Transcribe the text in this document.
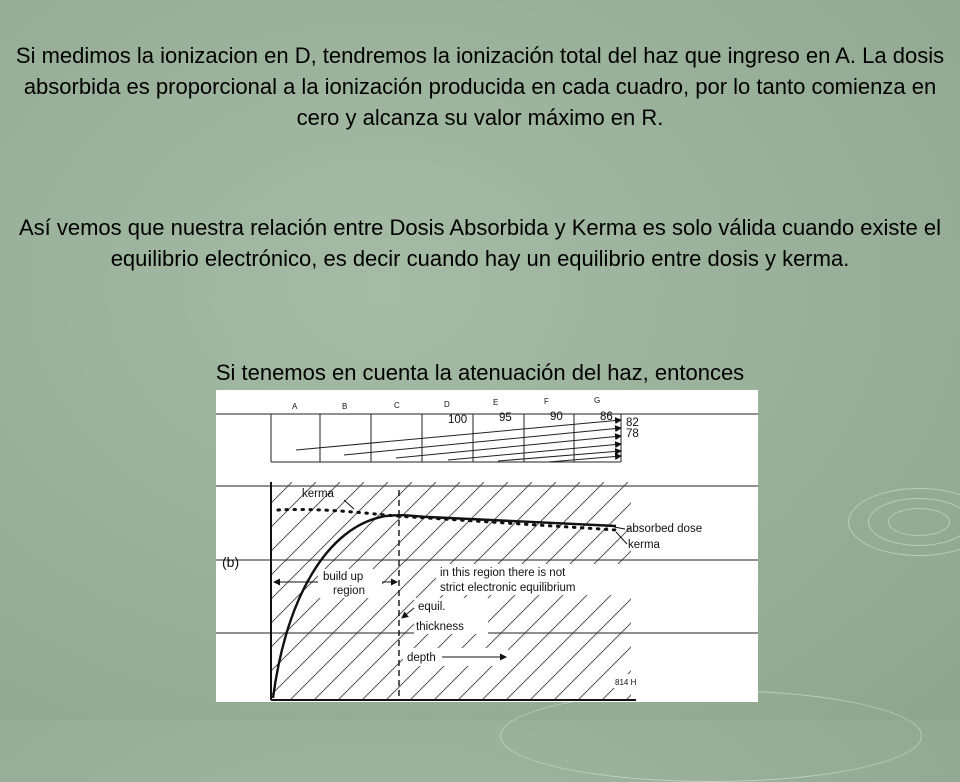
Si medimos la ionizacion en D, tendremos la ionización total del haz que ingreso en A. La dosis absorbida es proporcional a la ionización producida en cada cuadro, por lo tanto comienza en cero y alcanza su valor máximo en R.

Así vemos que nuestra relación entre Dosis Absorbida y Kerma es solo válida cuando existe el equilibrio electrónico, es decir cuando hay un equilibrio entre dosis y kerma.

Si tenemos en cuenta la atenuación del haz, entonces

A	B	C	D	E	F	G
100	95	90	86 82
78
kerma
absorbed dose
kerma
(b)
build up
region
in this region there is not
strict electronic equilibrium
equil.
thickness
depth
814 H
